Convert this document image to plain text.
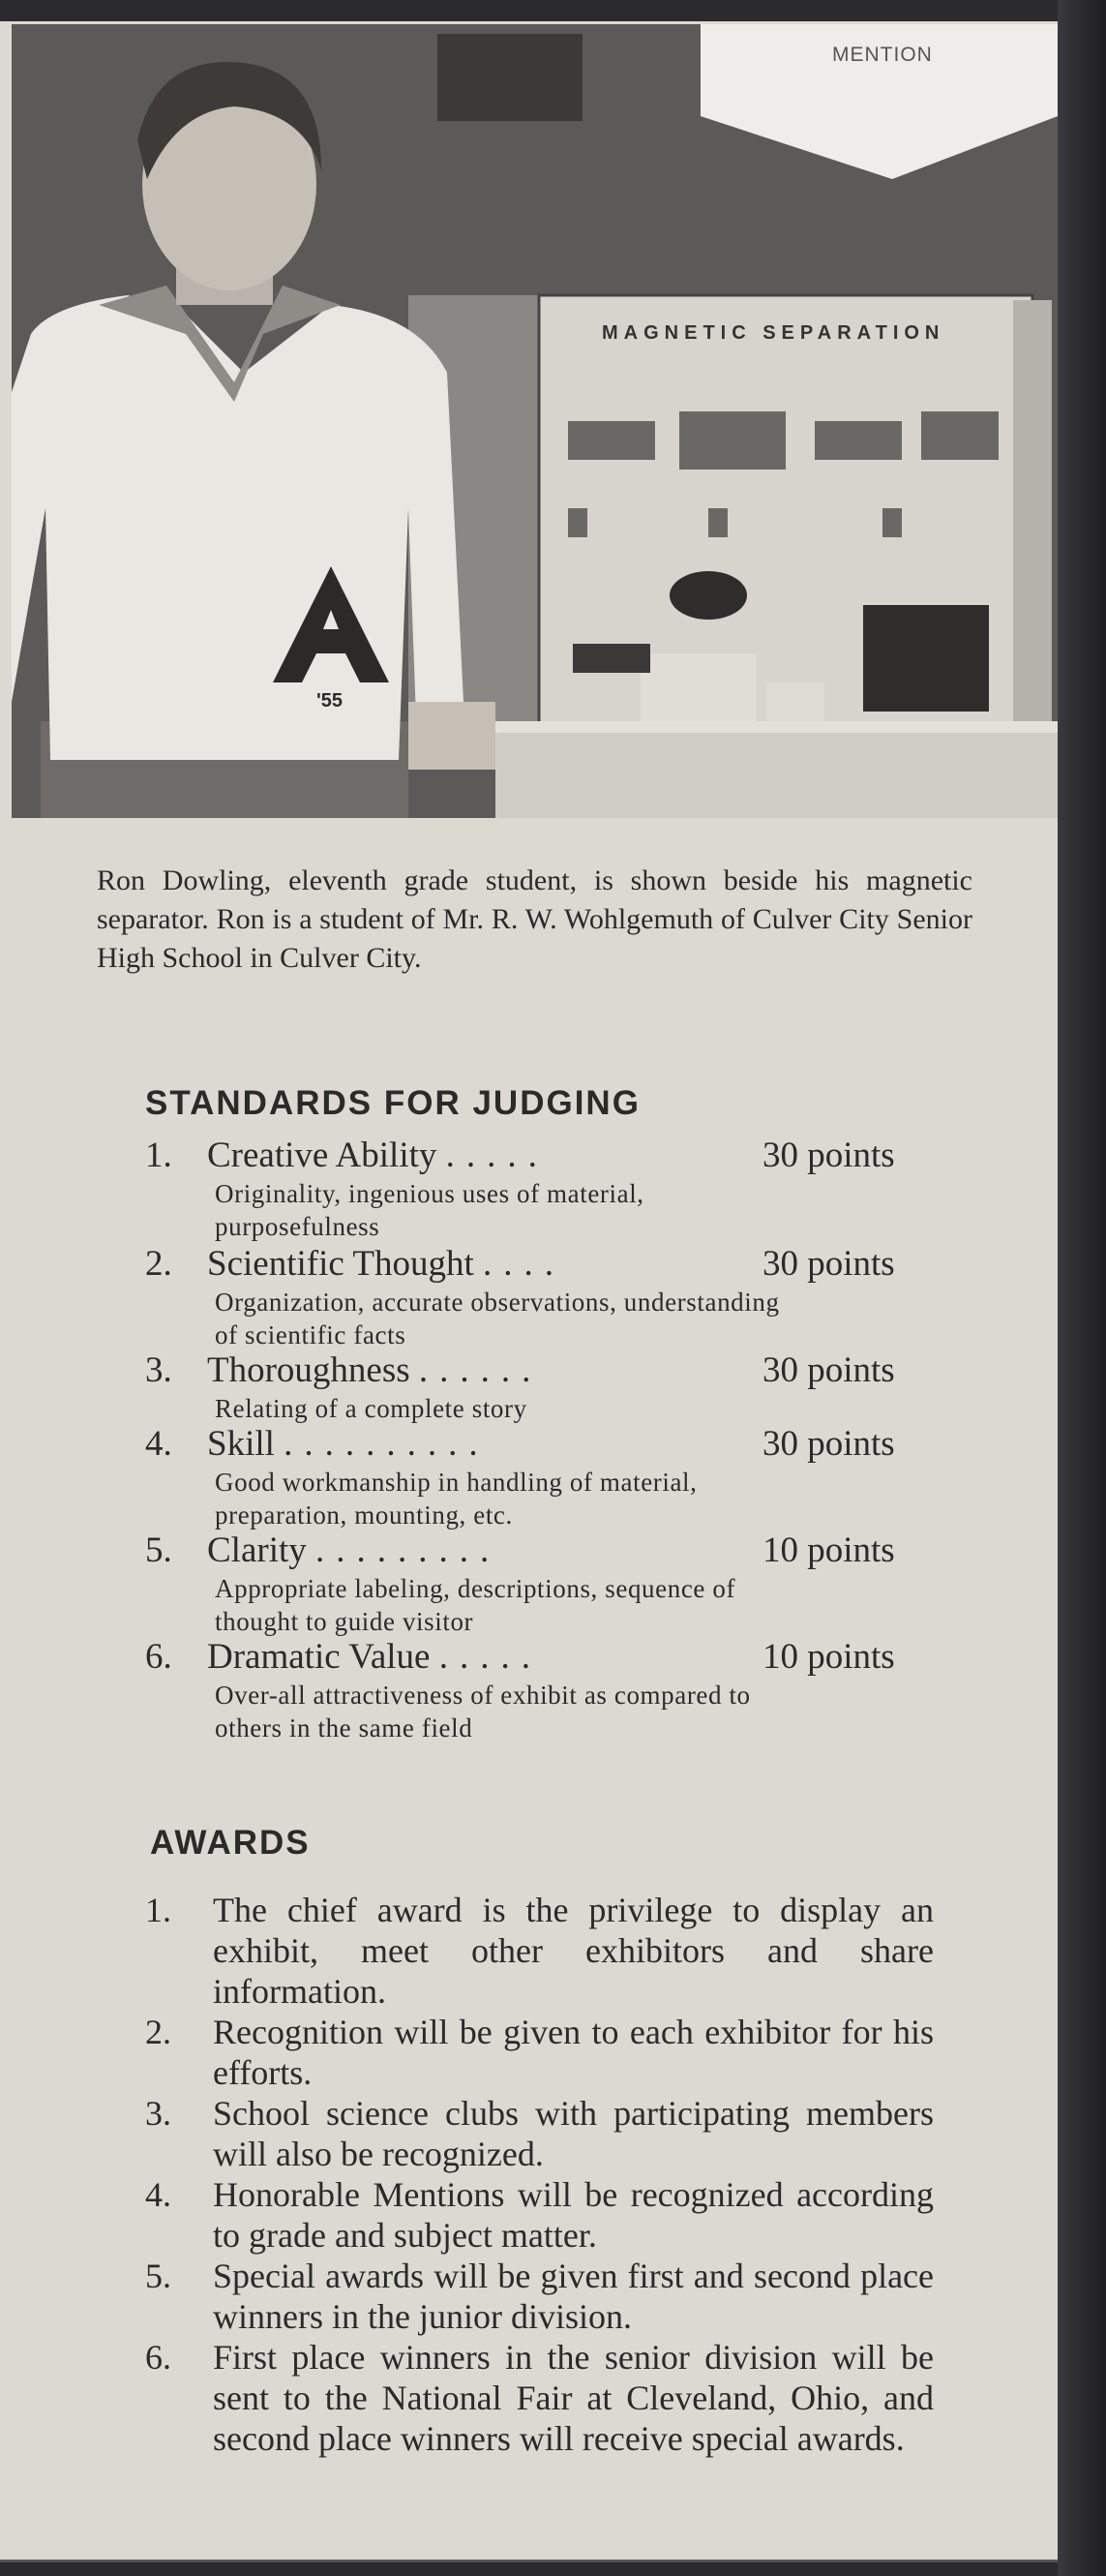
'55
MENTION
MAGNETIC SEPARATION
Ron Dowling, eleventh grade student, is shown beside his magnetic separator. Ron is a student of Mr. R. W. Wohlgemuth of Culver City Senior High School in Culver City.
STANDARDS FOR JUDGING
1. Creative Ability .....	30 points
Originality, ingenious uses of material, purposefulness
2. Scientific Thought ....	30 points
Organization, accurate observations, understanding of scientific facts
3. Thoroughness ......	30 points
Relating of a complete story
4. Skill ..........	30 points
Good workmanship in handling of material, preparation, mounting, etc.
5. Clarity .........	10 points
Appropriate labeling, descriptions, sequence of thought to guide visitor
6. Dramatic Value .....	10 points
Over-all attractiveness of exhibit as compared to others in the same field
AWARDS
1. The chief award is the privilege to display an exhibit, meet other exhibitors and share information.
2. Recognition will be given to each exhibitor for his efforts.
3. School science clubs with participating members will also be recognized.
4. Honorable Mentions will be recognized according to grade and subject matter.
5. Special awards will be given first and second place winners in the junior division.
6. First place winners in the senior division will be sent to the National Fair at Cleveland, Ohio, and second place winners will receive special awards.
